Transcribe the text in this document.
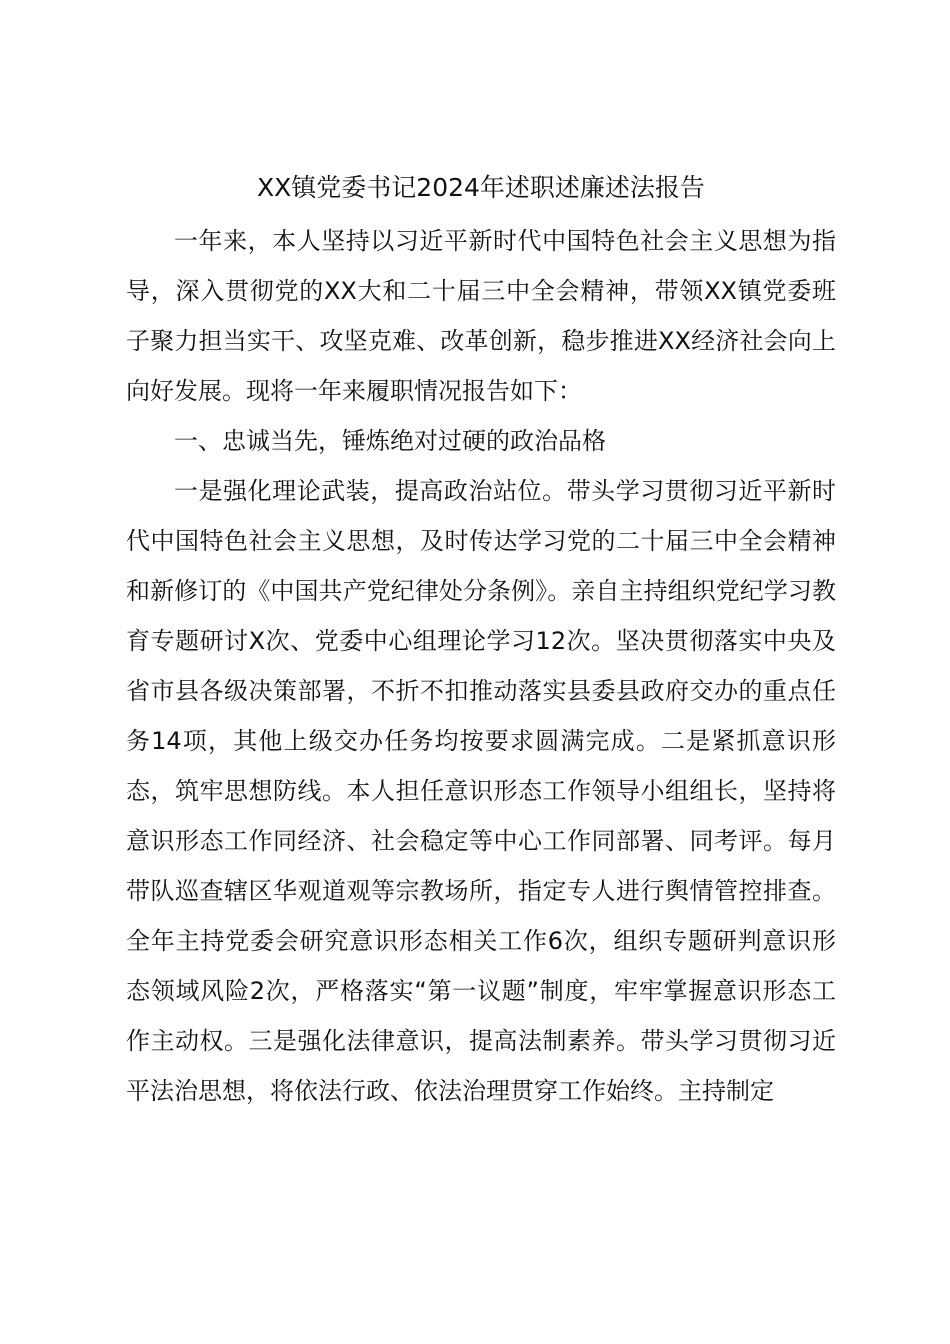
XX镇党委书记2024年述职述廉述法报告

一年来，本人坚持以习近平新时代中国特色社会主义思想为指导，深入贯彻党的XX大和二十届三中全会精神，带领XX镇党委班子聚力担当实干、攻坚克难、改革创新，稳步推进XX经济社会向上向好发展。现将一年来履职情况报告如下：

一、忠诚当先，锤炼绝对过硬的政治品格

一是强化理论武装，提高政治站位。带头学习贯彻习近平新时代中国特色社会主义思想，及时传达学习党的二十届三中全会精神和新修订的《中国共产党纪律处分条例》。亲自主持组织党纪学习教育专题研讨X次、党委中心组理论学习12次。坚决贯彻落实中央及省市县各级决策部署，不折不扣推动落实县委县政府交办的重点任务14项，其他上级交办任务均按要求圆满完成。二是紧抓意识形态，筑牢思想防线。本人担任意识形态工作领导小组组长，坚持将意识形态工作同经济、社会稳定等中心工作同部署、同考评。每月带队巡查辖区华观道观等宗教场所，指定专人进行舆情管控排查。全年主持党委会研究意识形态相关工作6次，组织专题研判意识形态领域风险2次，严格落实“第一议题”制度，牢牢掌握意识形态工作主动权。三是强化法律意识，提高法制素养。带头学习贯彻习近平法治思想，将依法行政、依法治理贯穿工作始终。主持制定
